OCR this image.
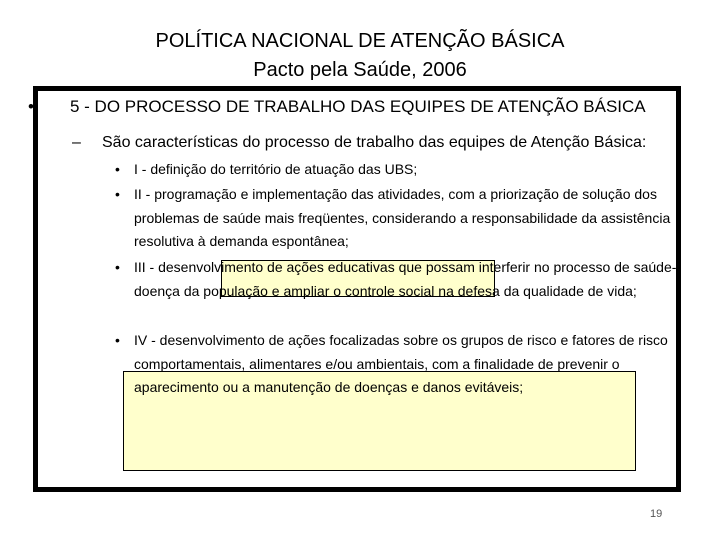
POLÍTICA NACIONAL DE ATENÇÃO BÁSICA
Pacto pela Saúde, 2006
• 5 - DO PROCESSO DE TRABALHO DAS EQUIPES DE ATENÇÃO BÁSICA
– São características do processo de trabalho das equipes de Atenção Básica:
•	I - definição do território de atuação das UBS;
•	II - programação e implementação das atividades, com a priorização de solução dos problemas de saúde mais freqüentes, considerando a responsabilidade da assistência resolutiva à demanda espontânea;
•	III - desenvolvimento de ações educativas que possam interferir no processo de saúde-doença da população e ampliar o controle social na defesa da qualidade de vida;
•	IV - desenvolvimento de ações focalizadas sobre os grupos de risco e fatores de risco comportamentais, alimentares e/ou ambientais, com a finalidade de prevenir o aparecimento ou a manutenção de doenças e danos evitáveis;
19
